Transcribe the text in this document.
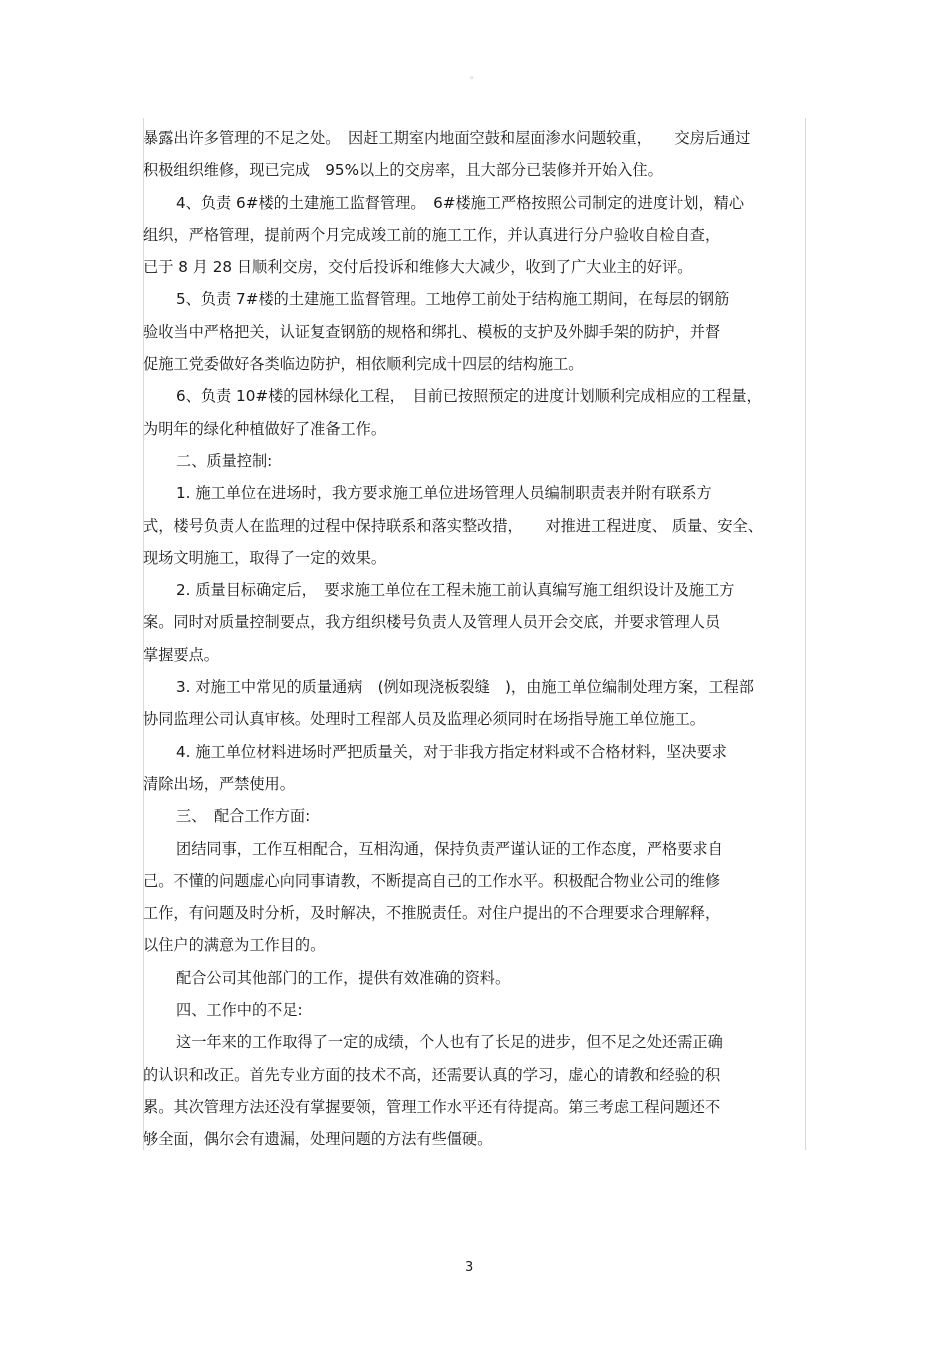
。
暴露出许多管理的不足之处。　因赶工期室内地面空鼓和屋面渗水问题较重，　　交房后通过
积极组织维修，现已完成　95%以上的交房率，且大部分已装修并开始入住。
4、负责 6#楼的土建施工监督管理。　6#楼施工严格按照公司制定的进度计划，精心
组织，严格管理，提前两个月完成竣工前的施工工作，并认真进行分户验收自检自查，
已于 8 月 28 日顺利交房，交付后投诉和维修大大减少，收到了广大业主的好评。
5、负责 7#楼的土建施工监督管理。工地停工前处于结构施工期间，在每层的钢筋
验收当中严格把关，认证复查钢筋的规格和绑扎、模板的支护及外脚手架的防护，并督
促施工党委做好各类临边防护，相依顺利完成十四层的结构施工。
6、负责 10#楼的园林绿化工程，　目前已按照预定的进度计划顺利完成相应的工程量，
为明年的绿化种植做好了准备工作。
二、质量控制:
1. 施工单位在进场时，我方要求施工单位进场管理人员编制职责表并附有联系方
式，楼号负责人在监理的过程中保持联系和落实整改措，　　对推进工程进度、 质量、安全、
现场文明施工，取得了一定的效果。
2. 质量目标确定后，　要求施工单位在工程未施工前认真编写施工组织设计及施工方
案。同时对质量控制要点，我方组织楼号负责人及管理人员开会交底，并要求管理人员
掌握要点。
3. 对施工中常见的质量通病　(例如现浇板裂缝　)，由施工单位编制处理方案，工程部
协同监理公司认真审核。处理时工程部人员及监理必须同时在场指导施工单位施工。
4. 施工单位材料进场时严把质量关，对于非我方指定材料或不合格材料，坚决要求
清除出场，严禁使用。
三、　配合工作方面:
团结同事，工作互相配合，互相沟通，保持负责严谨认证的工作态度，严格要求自
己。不懂的问题虚心向同事请教，不断提高自己的工作水平。积极配合物业公司的维修
工作，有问题及时分析，及时解决，不推脱责任。对住户提出的不合理要求合理解释，
以住户的满意为工作目的。
配合公司其他部门的工作，提供有效准确的资料。
四、工作中的不足:
这一年来的工作取得了一定的成绩，个人也有了长足的进步，但不足之处还需正确
的认识和改正。首先专业方面的技术不高，还需要认真的学习，虚心的请教和经验的积
累。其次管理方法还没有掌握要领，管理工作水平还有待提高。第三考虑工程问题还不
够全面，偶尔会有遗漏，处理问题的方法有些僵硬。
3
